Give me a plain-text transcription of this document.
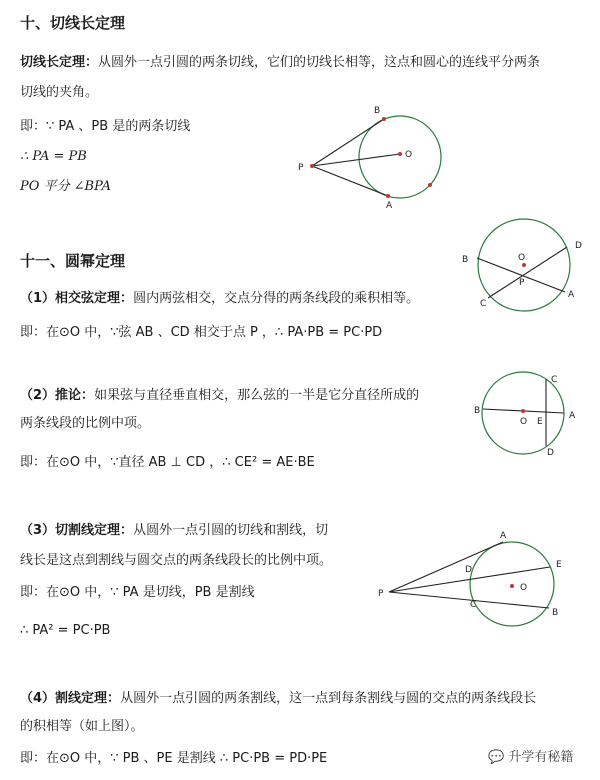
十、切线长定理
切线长定理：从圆外一点引圆的两条切线，它们的切线长相等，这点和圆心的连线平分两条
切线的夹角。
即：∵ PA 、PB 是的两条切线
∴ PA = PB
PO 平分 ∠BPA
B
P
O
A
十一、圆幂定理	B	O
D
P
C
A
（1）相交弦定理：圆内两弦相交，交点分得的两条线段的乘积相等。
即：在⊙O 中，∵弦 AB 、CD 相交于点 P ，∴ PA·PB = PC·PD
（2）推论：如果弦与直径垂直相交，那么弦的一半是它分直径所成的
两条线段的比例中项。
即：在⊙O 中，∵直径 AB ⊥ CD ，∴ CE² = AE·BE
C
B
O E
A
D
（3）切割线定理：从圆外一点引圆的切线和割线，切
线长是这点到割线与圆交点的两条线段长的比例中项。
即：在⊙O 中，∵ PA 是切线，PB 是割线
∴ PA² = PC·PB
A
E
D
O
P
C
B
（4）割线定理：从圆外一点引圆的两条割线，这一点到每条割线与圆的交点的两条线段长
的积相等（如上图）。
即：在⊙O 中，∵ PB 、PE 是割线 ∴ PC·PB = PD·PE	💬 升学有秘籍
